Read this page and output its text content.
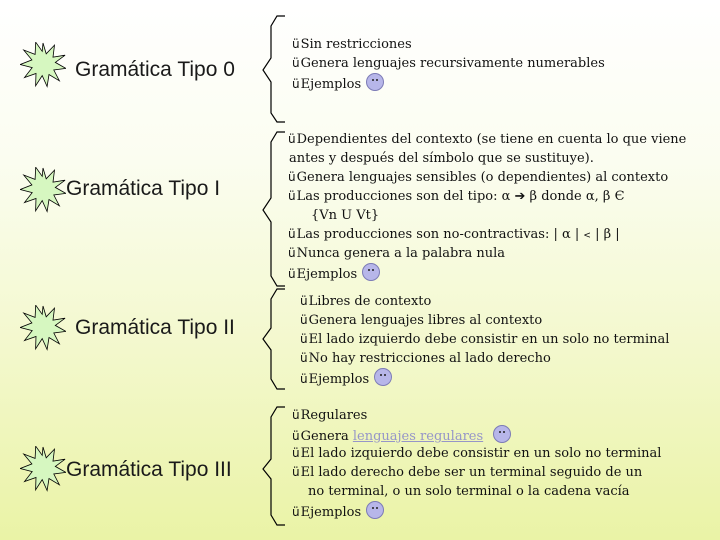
Gramática Tipo 0
üSin restricciones
üGenera lenguajes recursivamente numerables
üEjemplos
Gramática Tipo I
üDependientes del contexto (se tiene en cuenta lo que viene
antes y después del símbolo que se sustituye).
üGenera lenguajes sensibles (o dependientes) al contexto
üLas producciones son del tipo: α ➔ β donde α, β Є
{Vn U Vt}
üLas producciones son no-contractivas: | α | < | β |
üNunca genera a la palabra nula
üEjemplos
Gramática Tipo II
üLibres de contexto
üGenera lenguajes libres al contexto
üEl lado izquierdo debe consistir en un solo no terminal
üNo hay restricciones al lado derecho
üEjemplos
Gramática Tipo III
üRegulares
üGenera lenguajes regulares
üEl lado izquierdo debe consistir en un solo no terminal
üEl lado derecho debe ser un terminal seguido de un
no terminal, o un solo terminal o la cadena vacía
üEjemplos
